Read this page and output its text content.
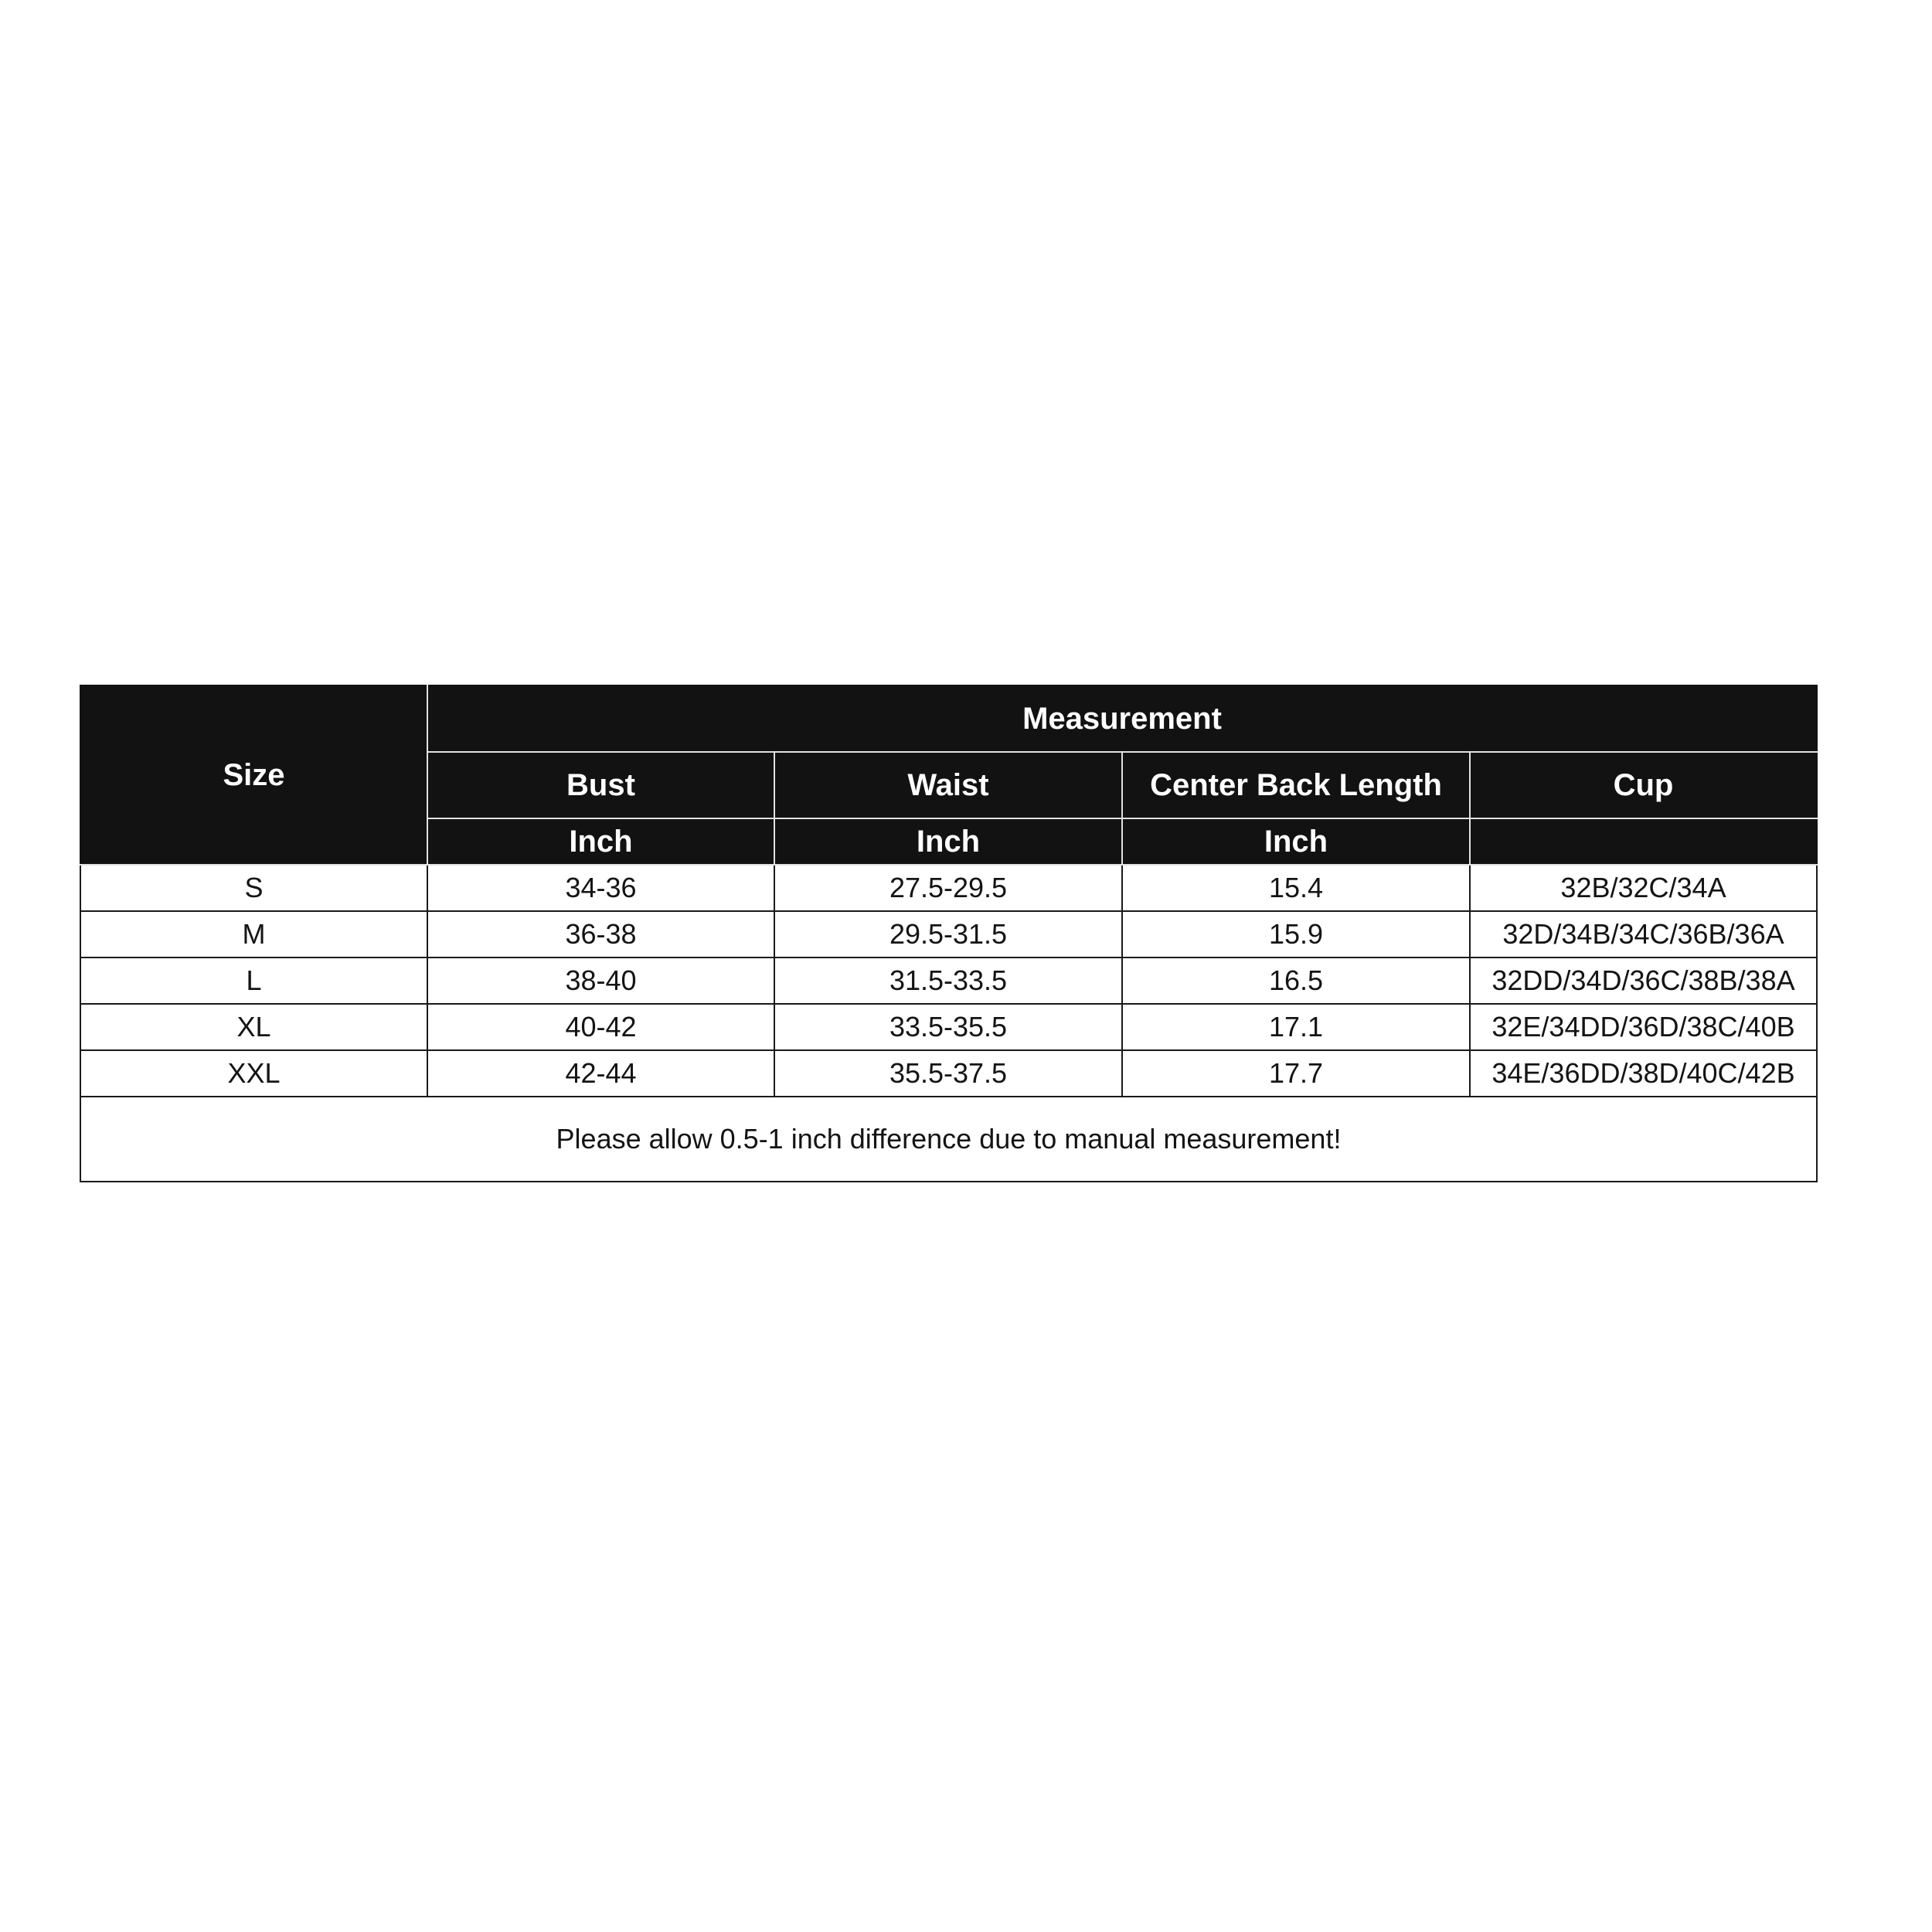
Size	Measurement			
	Bust	Waist	Center Back Length	Cup
	Inch	Inch	Inch	
S	34-36	27.5-29.5	15.4	32B/32C/34A
M	36-38	29.5-31.5	15.9	32D/34B/34C/36B/36A
L	38-40	31.5-33.5	16.5	32DD/34D/36C/38B/38A
XL	40-42	33.5-35.5	17.1	32E/34DD/36D/38C/40B
XXL	42-44	35.5-37.5	17.7	34E/36DD/38D/40C/42B
Please allow 0.5-1 inch difference due to manual measurement!				
